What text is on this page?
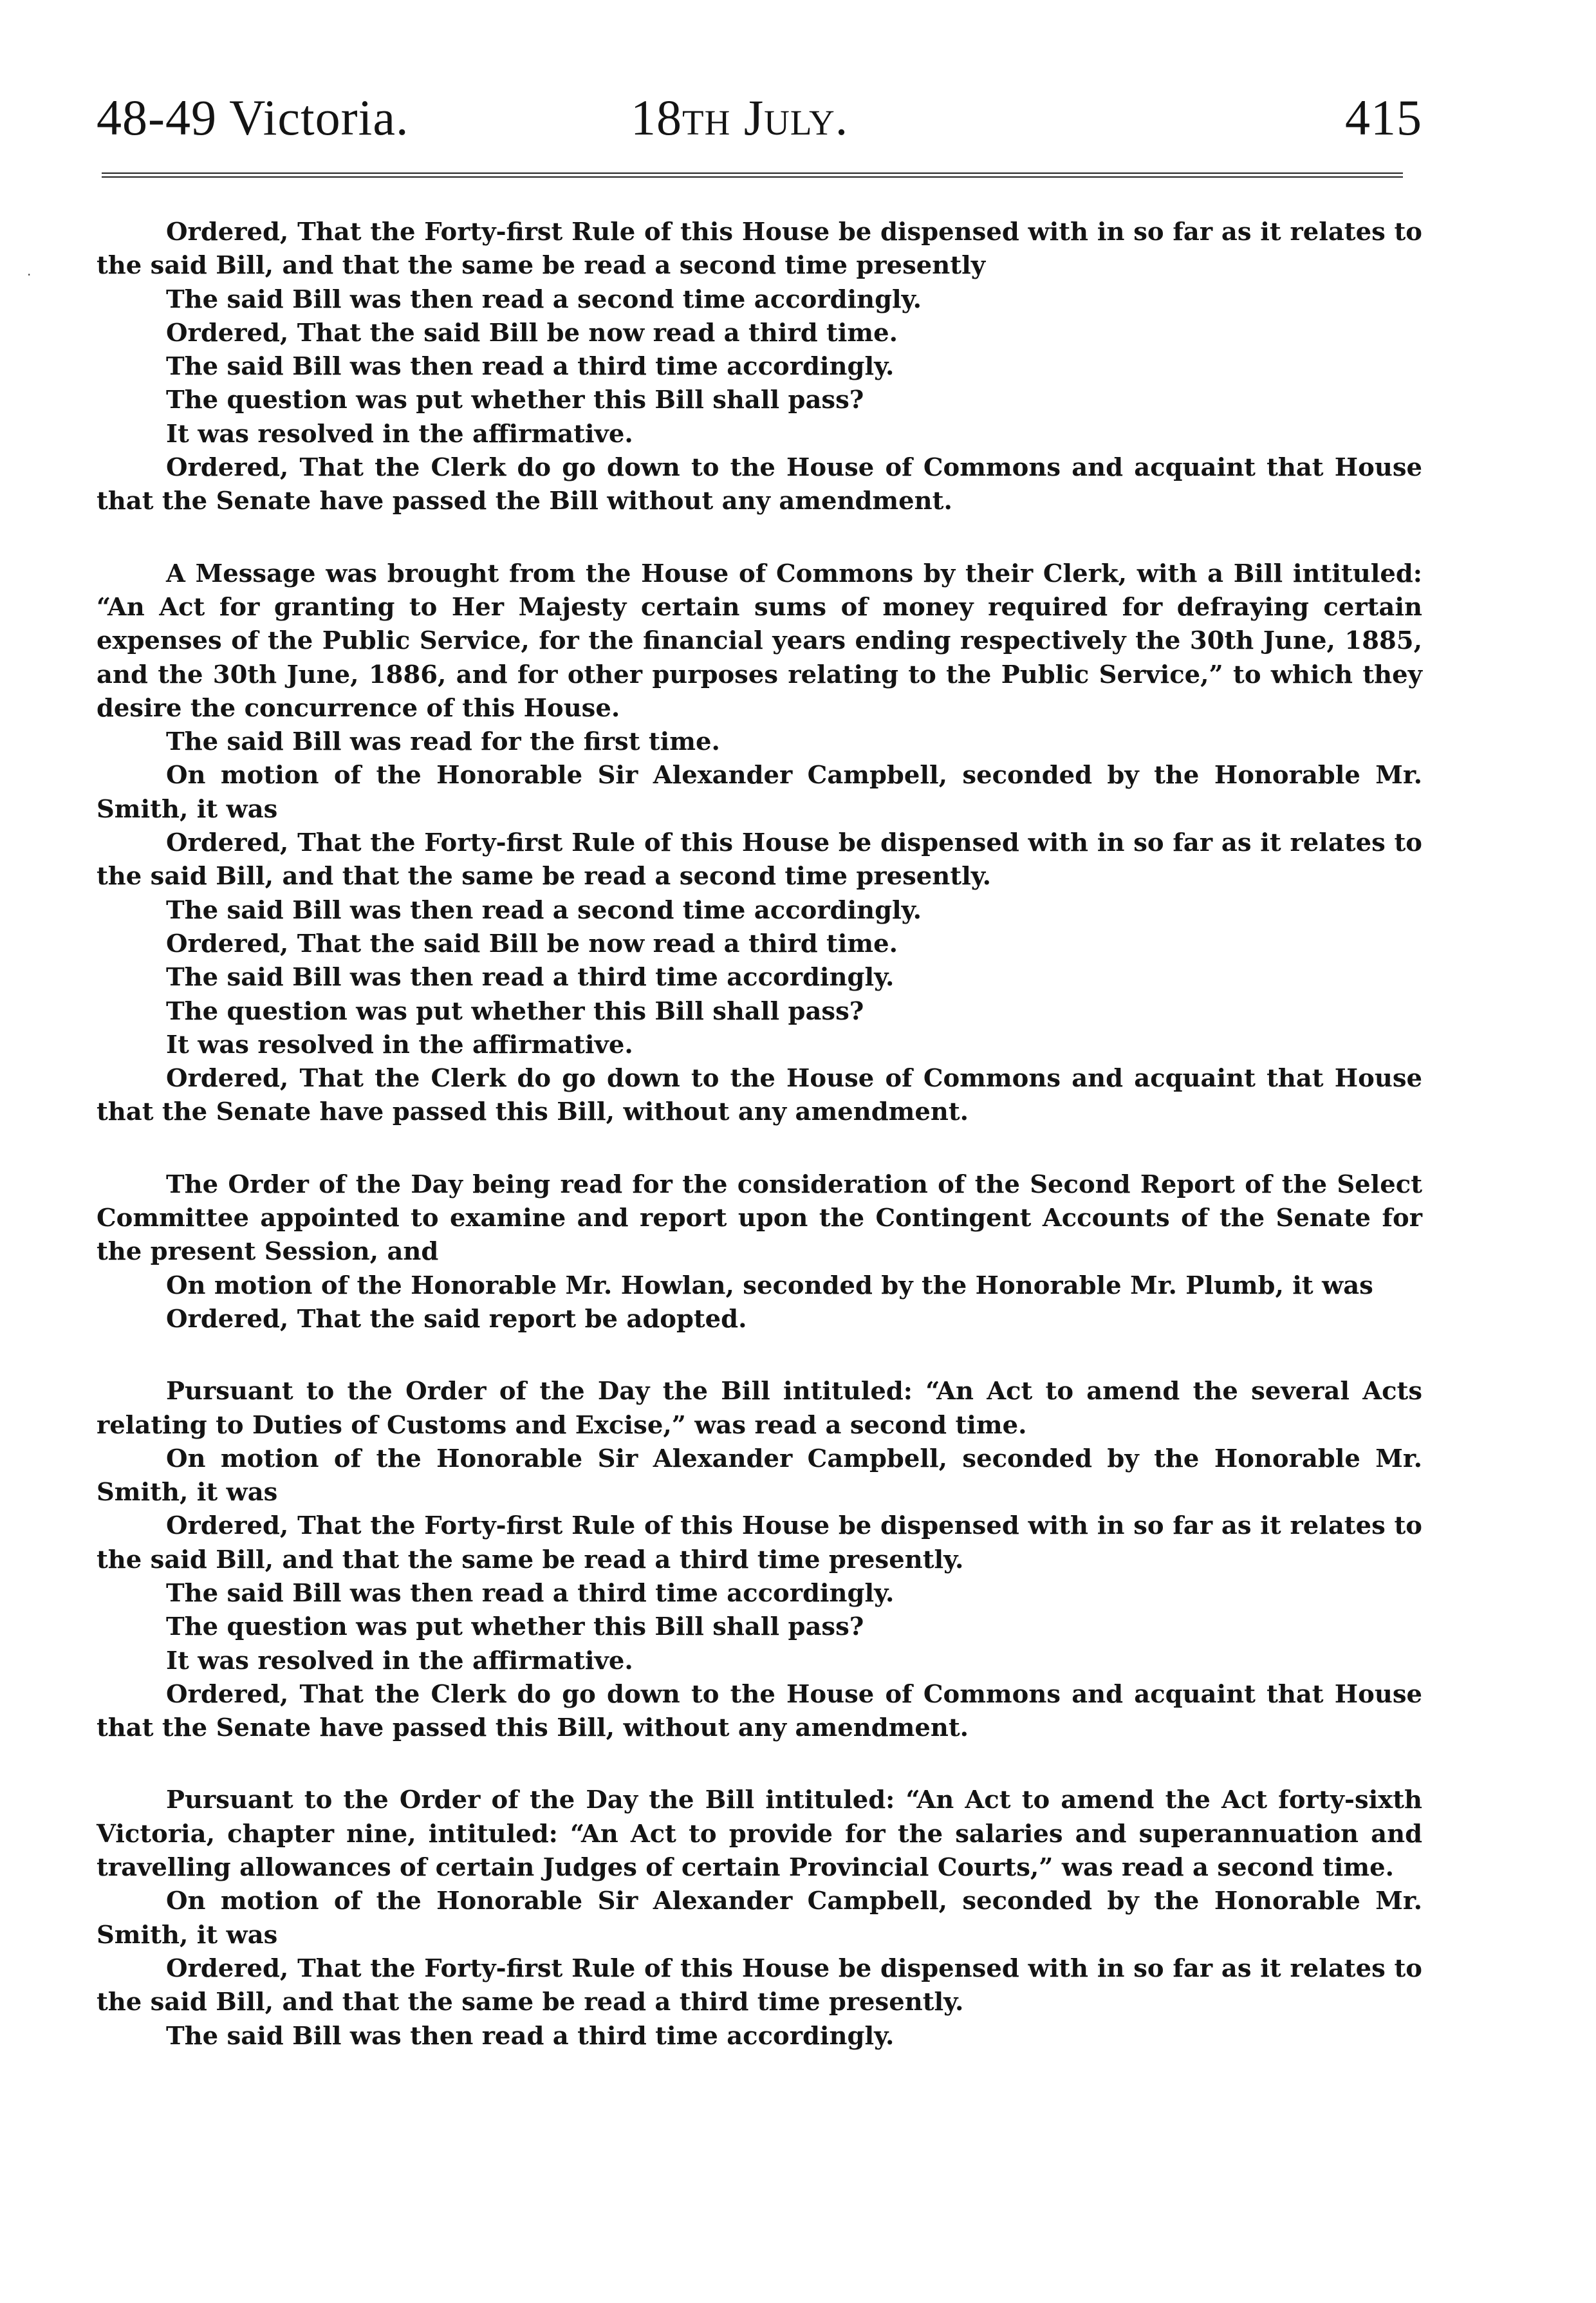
48-49 Victoria.	18th July.	415
‧

Ordered, That the Forty-first Rule of this House be dispensed with in so far as it relates to the said Bill, and that the same be read a second time presently

The said Bill was then read a second time accordingly.

Ordered, That the said Bill be now read a third time.

The said Bill was then read a third time accordingly.

The question was put whether this Bill shall pass?

It was resolved in the affirmative.

Ordered, That the Clerk do go down to the House of Commons and acquaint that House that the Senate have passed the Bill without any amendment.

A Message was brought from the House of Commons by their Clerk, with a Bill intituled: “An Act for granting to Her Majesty certain sums of money required for defraying certain expenses of the Public Service, for the financial years ending respectively the 30th June, 1885, and the 30th June, 1886, and for other purposes relating to the Public Service,” to which they desire the concurrence of this House.

The said Bill was read for the first time.

On motion of the Honorable Sir Alexander Campbell, seconded by the Honorable Mr. Smith, it was

Ordered, That the Forty-first Rule of this House be dispensed with in so far as it relates to the said Bill, and that the same be read a second time presently.

The said Bill was then read a second time accordingly.

Ordered, That the said Bill be now read a third time.

The said Bill was then read a third time accordingly.

The question was put whether this Bill shall pass?

It was resolved in the affirmative.

Ordered, That the Clerk do go down to the House of Commons and acquaint that House that the Senate have passed this Bill, without any amendment.

The Order of the Day being read for the consideration of the Second Report of the Select Committee appointed to examine and report upon the Contingent Accounts of the Senate for the present Session, and

On motion of the Honorable Mr. Howlan, seconded by the Honorable Mr. Plumb, it was

Ordered, That the said report be adopted.

Pursuant to the Order of the Day the Bill intituled: “An Act to amend the several Acts relating to Duties of Customs and Excise,” was read a second time.

On motion of the Honorable Sir Alexander Campbell, seconded by the Honorable Mr. Smith, it was

Ordered, That the Forty-first Rule of this House be dispensed with in so far as it relates to the said Bill, and that the same be read a third time presently.

The said Bill was then read a third time accordingly.

The question was put whether this Bill shall pass?

It was resolved in the affirmative.

Ordered, That the Clerk do go down to the House of Commons and acquaint that House that the Senate have passed this Bill, without any amendment.

Pursuant to the Order of the Day the Bill intituled: “An Act to amend the Act forty-sixth Victoria, chapter nine, intituled: “An Act to provide for the salaries and superannuation and travelling allowances of certain Judges of certain Provincial Courts,” was read a second time.

On motion of the Honorable Sir Alexander Campbell, seconded by the Honorable Mr. Smith, it was

Ordered, That the Forty-first Rule of this House be dispensed with in so far as it relates to the said Bill, and that the same be read a third time presently.

The said Bill was then read a third time accordingly.
